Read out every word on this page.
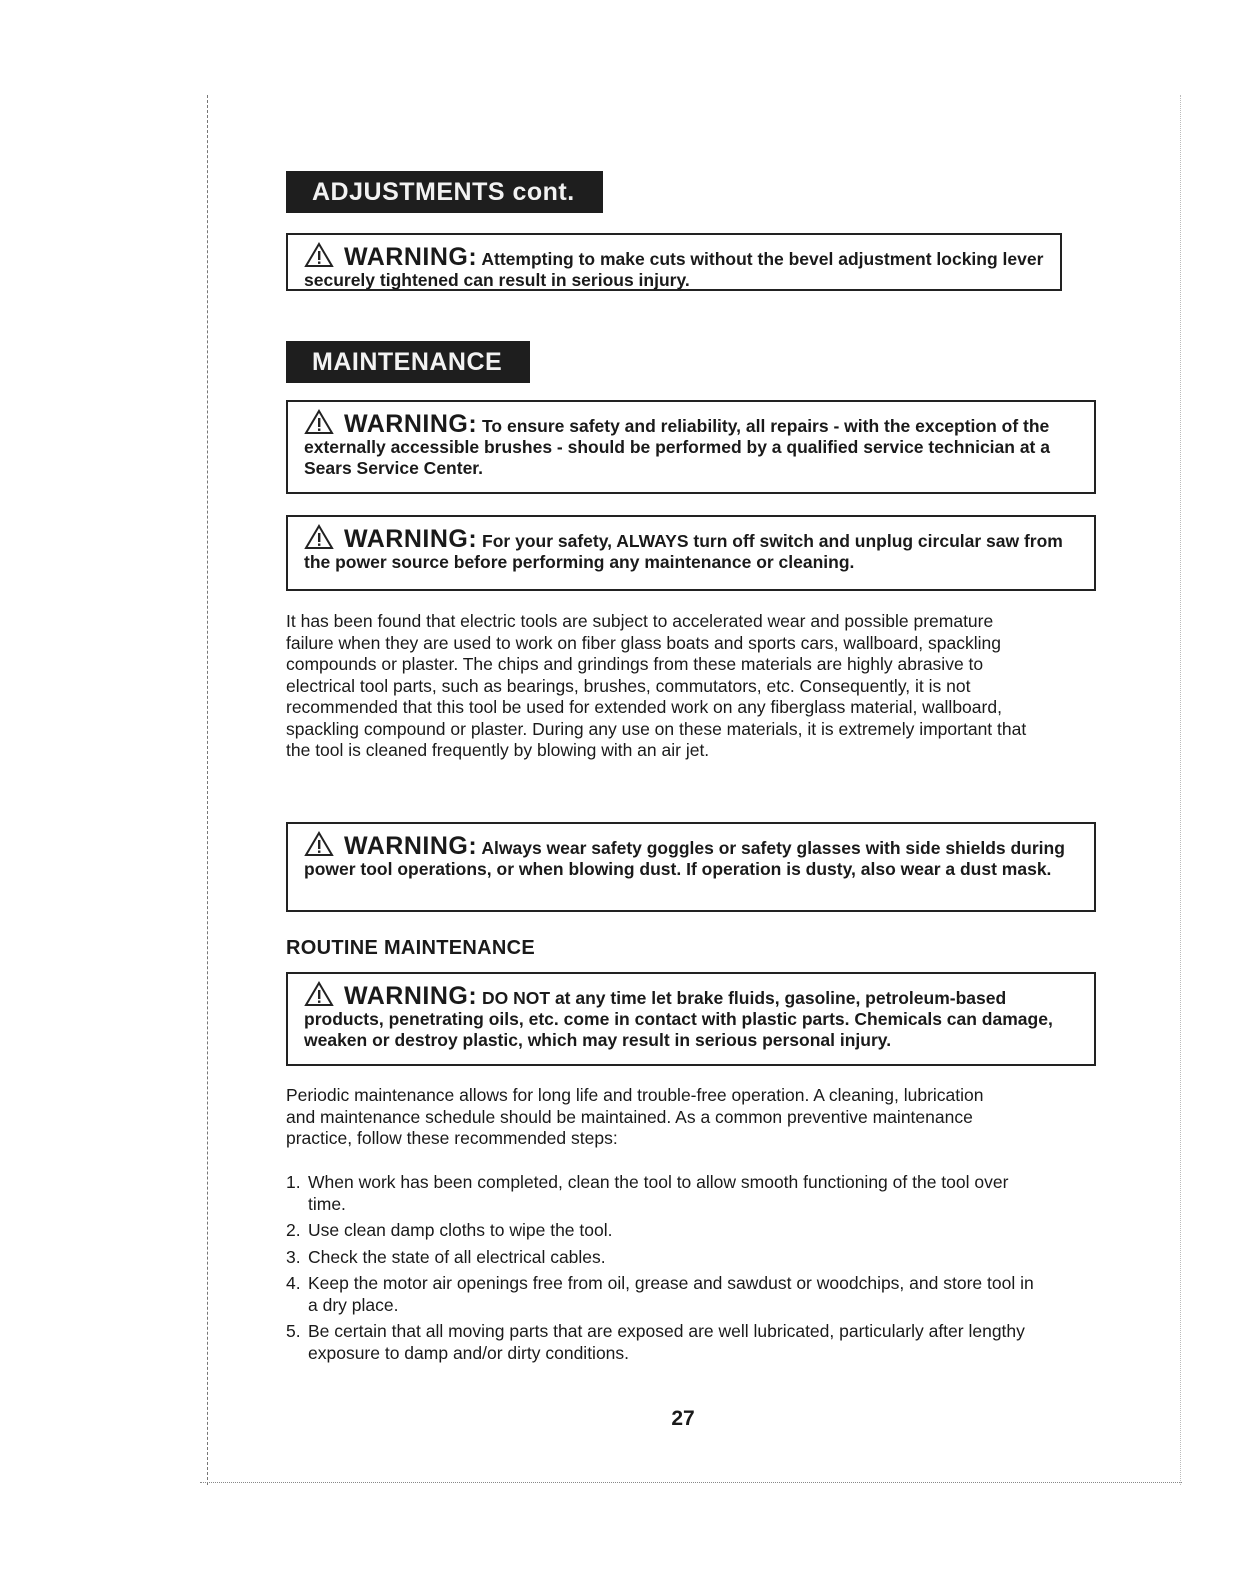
ADJUSTMENTS cont.
WARNING: Attempting to make cuts without the bevel adjustment locking lever securely tightened can result in serious injury.
MAINTENANCE
WARNING: To ensure safety and reliability, all repairs - with the exception of the externally accessible brushes - should be performed by a qualified service technician at a Sears Service Center.
WARNING: For your safety, ALWAYS turn off switch and unplug circular saw from the power source before performing any maintenance or cleaning.
It has been found that electric tools are subject to accelerated wear and possible premature failure when they are used to work on fiber glass boats and sports cars, wallboard, spackling compounds or plaster. The chips and grindings from these materials are highly abrasive to electrical tool parts, such as bearings, brushes, commutators, etc. Consequently, it is not recommended that this tool be used for extended work on any fiberglass material, wallboard, spackling compound or plaster. During any use on these materials, it is extremely important that the tool is cleaned frequently by blowing with an air jet.
WARNING: Always wear safety goggles or safety glasses with side shields during power tool operations, or when blowing dust. If operation is dusty, also wear a dust mask.
ROUTINE MAINTENANCE
WARNING: DO NOT at any time let brake fluids, gasoline, petroleum-based products, penetrating oils, etc. come in contact with plastic parts. Chemicals can damage, weaken or destroy plastic, which may result in serious personal injury.
Periodic maintenance allows for long life and trouble-free operation. A cleaning, lubrication and maintenance schedule should be maintained. As a common preventive maintenance practice, follow these recommended steps:
1. When work has been completed, clean the tool to allow smooth functioning of the tool over time.
2. Use clean damp cloths to wipe the tool.
3. Check the state of all electrical cables.
4. Keep the motor air openings free from oil, grease and sawdust or woodchips, and store tool in a dry place.
5. Be certain that all moving parts that are exposed are well lubricated, particularly after lengthy exposure to damp and/or dirty conditions.
27
